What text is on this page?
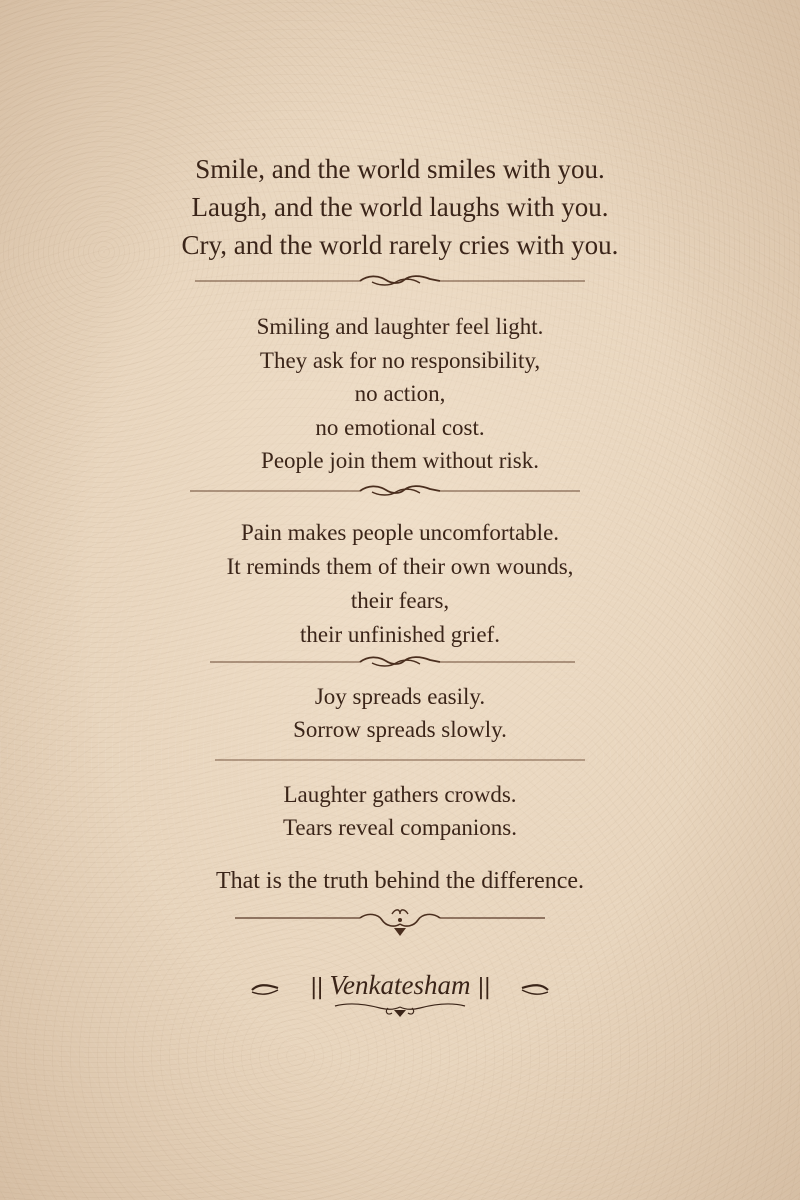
Smile, and the world smiles with you.
Laugh, and the world laughs with you.
Cry, and the world rarely cries with you.
Smiling and laughter feel light.
They ask for no responsibility,
no action,
no emotional cost.
People join them without risk.
Pain makes people uncomfortable.
It reminds them of their own wounds,
their fears,
their unfinished grief.
Joy spreads easily.
Sorrow spreads slowly.
Laughter gathers crowds.
Tears reveal companions.
That is the truth behind the difference.
|| Venkatesham ||
